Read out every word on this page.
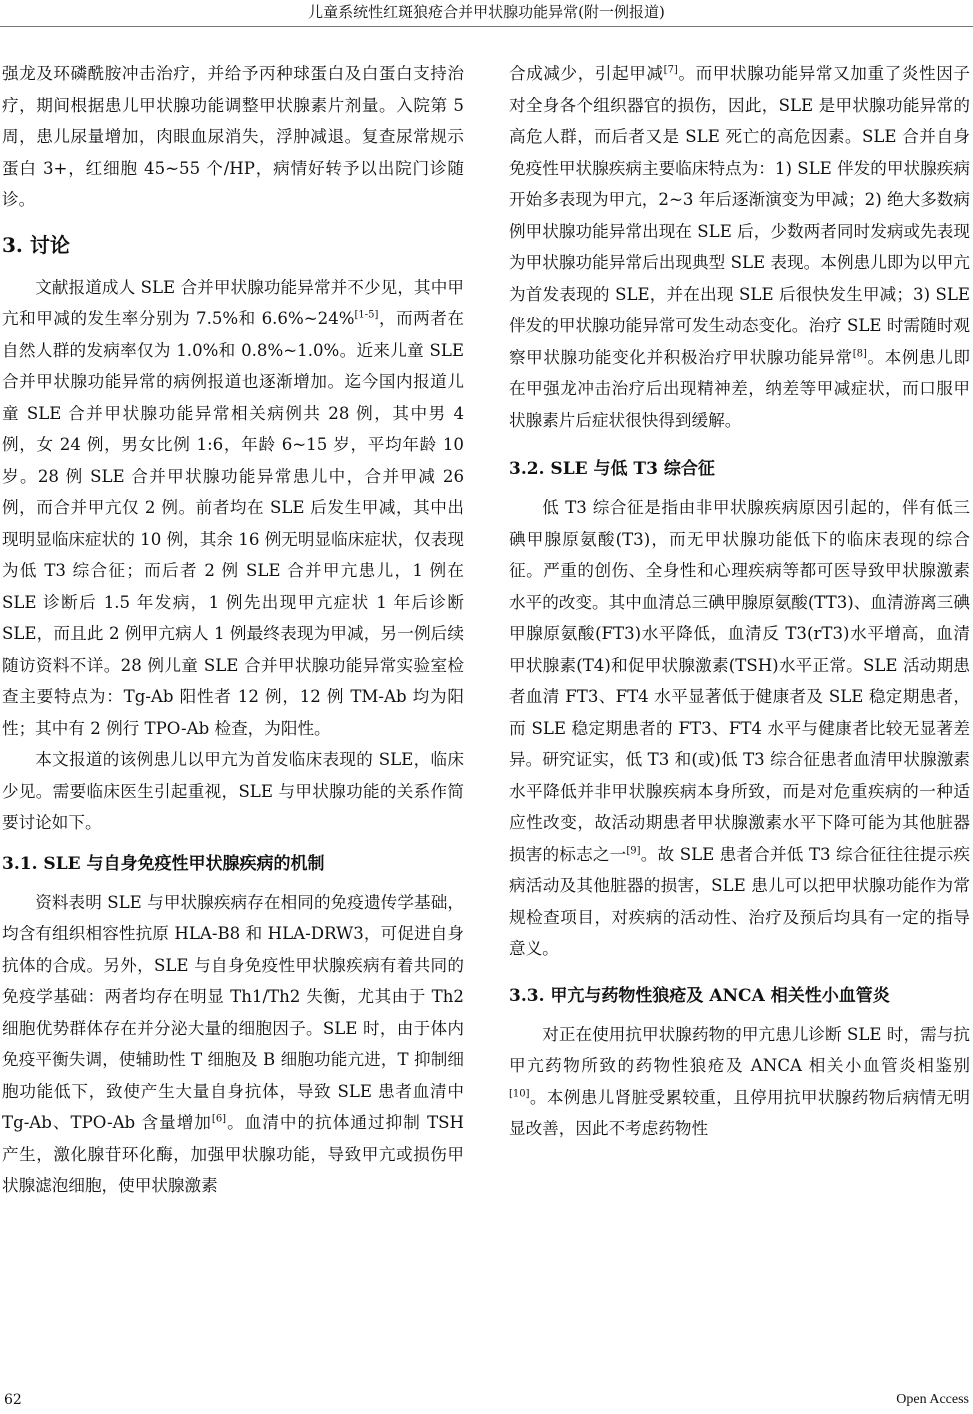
儿童系统性红斑狼疮合并甲状腺功能异常(附一例报道)

强龙及环磷酰胺冲击治疗，并给予丙种球蛋白及白蛋白支持治疗，期间根据患儿甲状腺功能调整甲状腺素片剂量。入院第 5 周，患儿尿量增加，肉眼血尿消失，浮肿减退。复查尿常规示蛋白 3+，红细胞 45~55 个/HP，病情好转予以出院门诊随诊。

3. 讨论

文献报道成人 SLE 合并甲状腺功能异常并不少见，其中甲亢和甲减的发生率分别为 7.5%和 6.6%~24%[1-5]，而两者在自然人群的发病率仅为 1.0%和 0.8%~1.0%。近来儿童 SLE 合并甲状腺功能异常的病例报道也逐渐增加。迄今国内报道儿童 SLE 合并甲状腺功能异常相关病例共 28 例，其中男 4 例，女 24 例，男女比例 1:6，年龄 6~15 岁，平均年龄 10 岁。28 例 SLE 合并甲状腺功能异常患儿中，合并甲减 26 例，而合并甲亢仅 2 例。前者均在 SLE 后发生甲减，其中出现明显临床症状的 10 例，其余 16 例无明显临床症状，仅表现为低 T3 综合征；而后者 2 例 SLE 合并甲亢患儿，1 例在 SLE 诊断后 1.5 年发病，1 例先出现甲亢症状 1 年后诊断 SLE，而且此 2 例甲亢病人 1 例最终表现为甲减，另一例后续随访资料不详。28 例儿童 SLE 合并甲状腺功能异常实验室检查主要特点为：Tg-Ab 阳性者 12 例，12 例 TM-Ab 均为阳性；其中有 2 例行 TPO-Ab 检查，为阳性。

本文报道的该例患儿以甲亢为首发临床表现的 SLE，临床少见。需要临床医生引起重视，SLE 与甲状腺功能的关系作简要讨论如下。

3.1. SLE 与自身免疫性甲状腺疾病的机制

资料表明 SLE 与甲状腺疾病存在相同的免疫遗传学基础，均含有组织相容性抗原 HLA-B8 和 HLA-DRW3，可促进自身抗体的合成。另外，SLE 与自身免疫性甲状腺疾病有着共同的免疫学基础：两者均存在明显 Th1/Th2 失衡，尤其由于 Th2 细胞优势群体存在并分泌大量的细胞因子。SLE 时，由于体内免疫平衡失调，使辅助性 T 细胞及 B 细胞功能亢进，T 抑制细胞功能低下，致使产生大量自身抗体，导致 SLE 患者血清中 Tg-Ab、TPO-Ab 含量增加[6]。血清中的抗体通过抑制 TSH 产生，激化腺苷环化酶，加强甲状腺功能，导致甲亢或损伤甲状腺滤泡细胞，使甲状腺激素

合成减少，引起甲减[7]。而甲状腺功能异常又加重了炎性因子对全身各个组织器官的损伤，因此，SLE 是甲状腺功能异常的高危人群，而后者又是 SLE 死亡的高危因素。SLE 合并自身免疫性甲状腺疾病主要临床特点为：1) SLE 伴发的甲状腺疾病开始多表现为甲亢，2~3 年后逐渐演变为甲减；2) 绝大多数病例甲状腺功能异常出现在 SLE 后，少数两者同时发病或先表现为甲状腺功能异常后出现典型 SLE 表现。本例患儿即为以甲亢为首发表现的 SLE，并在出现 SLE 后很快发生甲减；3) SLE 伴发的甲状腺功能异常可发生动态变化。治疗 SLE 时需随时观察甲状腺功能变化并积极治疗甲状腺功能异常[8]。本例患儿即在甲强龙冲击治疗后出现精神差，纳差等甲减症状，而口服甲状腺素片后症状很快得到缓解。

3.2. SLE 与低 T3 综合征

低 T3 综合征是指由非甲状腺疾病原因引起的，伴有低三碘甲腺原氨酸(T3)，而无甲状腺功能低下的临床表现的综合征。严重的创伤、全身性和心理疾病等都可医导致甲状腺激素水平的改变。其中血清总三碘甲腺原氨酸(TT3)、血清游离三碘甲腺原氨酸(FT3)水平降低，血清反 T3(rT3)水平增高，血清甲状腺素(T4)和促甲状腺激素(TSH)水平正常。SLE 活动期患者血清 FT3、FT4 水平显著低于健康者及 SLE 稳定期患者，而 SLE 稳定期患者的 FT3、FT4 水平与健康者比较无显著差异。研究证实，低 T3 和(或)低 T3 综合征患者血清甲状腺激素水平降低并非甲状腺疾病本身所致，而是对危重疾病的一种适应性改变，故活动期患者甲状腺激素水平下降可能为其他脏器损害的标志之一[9]。故 SLE 患者合并低 T3 综合征往往提示疾病活动及其他脏器的损害，SLE 患儿可以把甲状腺功能作为常规检查项目，对疾病的活动性、治疗及预后均具有一定的指导意义。

3.3. 甲亢与药物性狼疮及 ANCA 相关性小血管炎

对正在使用抗甲状腺药物的甲亢患儿诊断 SLE 时，需与抗甲亢药物所致的药物性狼疮及 ANCA 相关小血管炎相鉴别[10]。本例患儿肾脏受累较重，且停用抗甲状腺药物后病情无明显改善，因此不考虑药物性

62	Open Access
